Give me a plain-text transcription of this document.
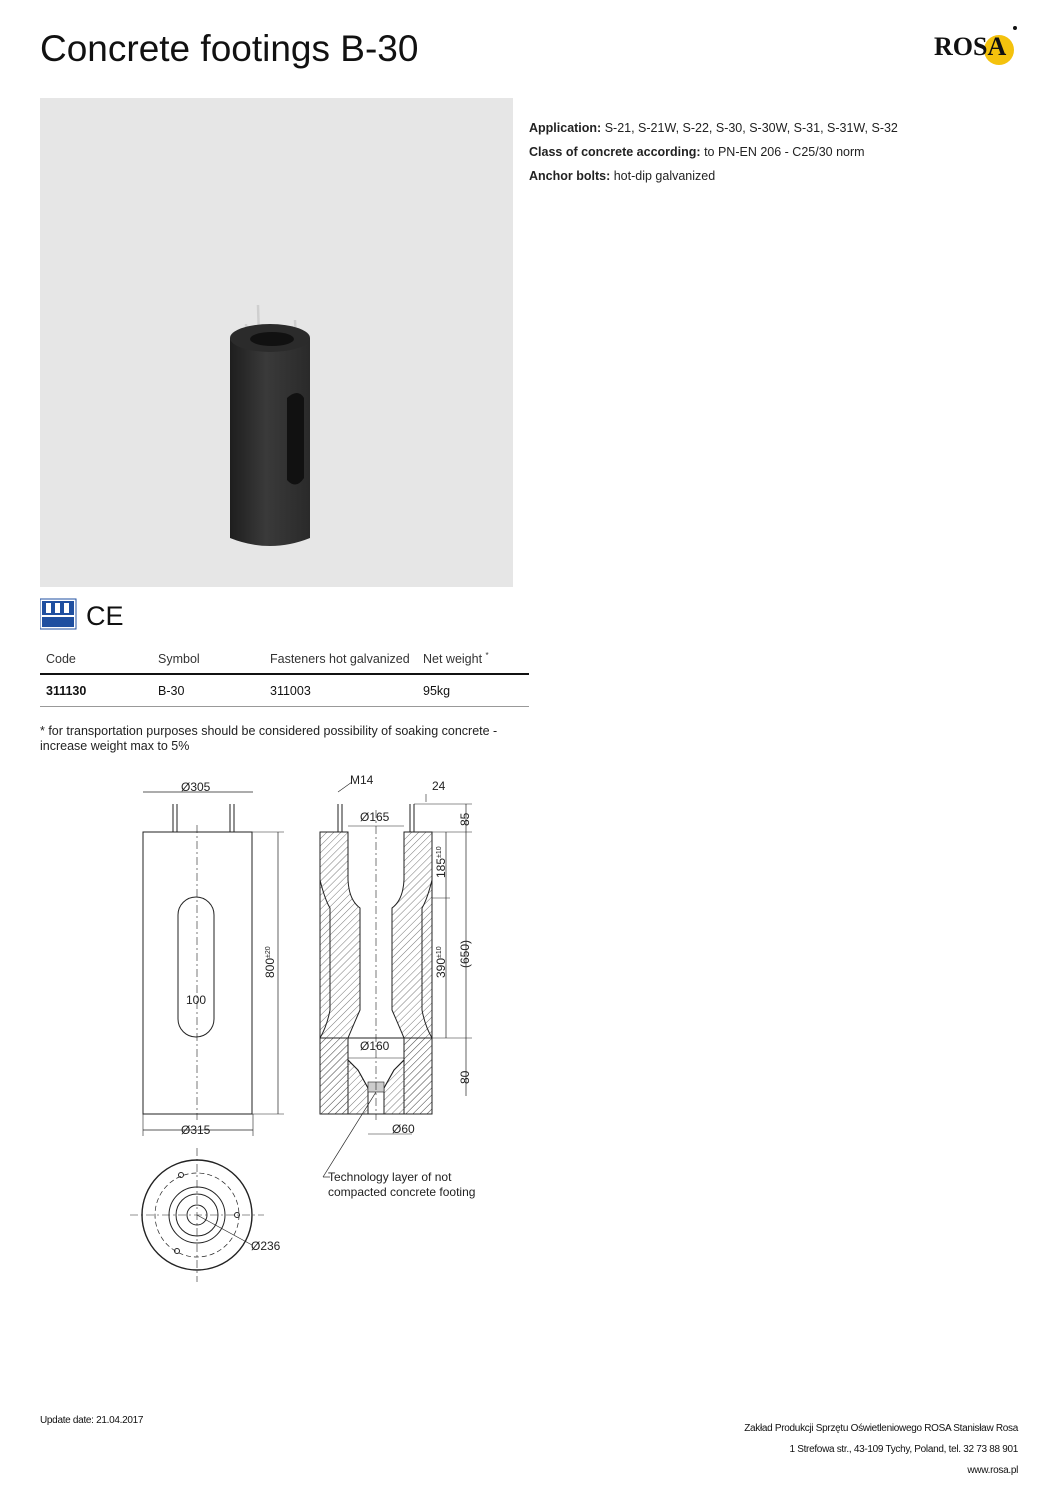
Concrete footings B-30	ROSA
Application: S-21, S-21W, S-22, S-30, S-30W, S-31, S-31W, S-32
Class of concrete according: to PN-EN 206 - C25/30 norm
Anchor bolts: hot-dip galvanized
CE
Code	Symbol	Fasteners hot galvanized	Net weight *
311130	B-30	311003	95kg
* for transportation purposes should be considered possibility of soaking concrete - increase weight max to 5%
Ø305
Ø315
100
$800^{\pm 20}$
M14	24
Ø165
Ø160
Ø60
85
$185^{\pm 10}$
$390^{\pm 10}$	(650)
80
Technology layer of not
compacted concrete footing
Ø236
Update date: 21.04.2017
Zakład Produkcji Sprzętu Oświetleniowego ROSA Stanisław Rosa
1 Strefowa str., 43-109 Tychy, Poland, tel. 32 73 88 901
www.rosa.pl
